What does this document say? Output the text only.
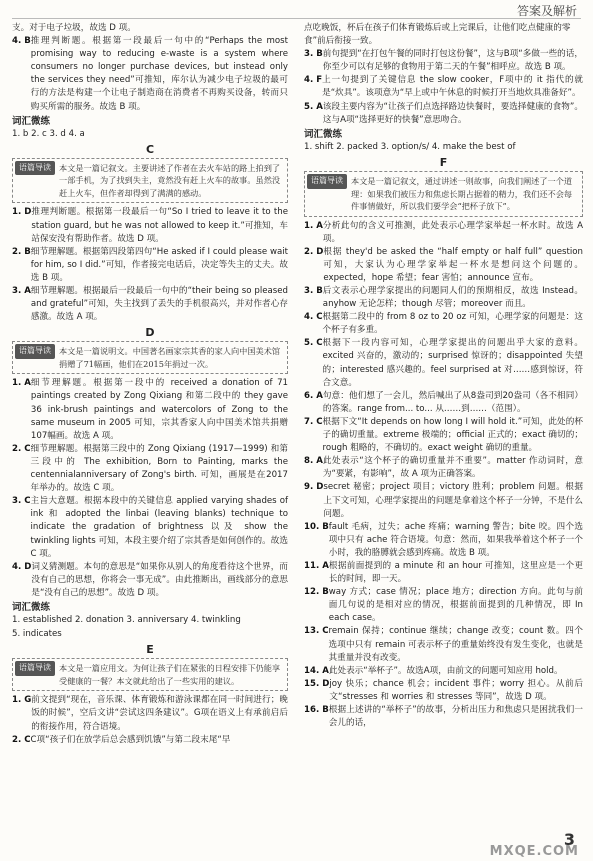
答案及解析
支。对于电子垃圾，故选 D 项。
4. B 推理判断题。根据第一段最后一句中的“Perhaps the most promising way to reducing e-waste is a system where consumers no longer purchase devices, but instead only the services they need”可推知，库尔认为减少电子垃圾的最可行的方法是构建一个让电子制造商在消费者不再购买设备，转而只购买所需的服务。故选 B 项。
词汇微练
1. b 2. c 3. d 4. a
C
语篇导读 本文是一篇记叙文。主要讲述了作者在去火车站的路上拍到了一部手机，为了找到失主，竟然没有赶上火车的故事。虽然没赶上火车，但作者却得到了满满的感动。
1. D 推理判断题。根据第一段最后一句“So I tried to leave it to the station guard, but he was not allowed to keep it.”可推知，车站保安没有帮助作者。故选 D 项。
2. B 细节理解题。根据第四段第四句“He asked if I could please wait for him, so I did.”可知，作者接完电话后，决定等失主的丈夫。故选 B 项。
3. A 细节理解题。根据最后一段最后一句中的“their being so pleased and grateful”可知，失主找到了丢失的手机很高兴，并对作者心存感激。故选 A 项。
D
语篇导读 本文是一篇说明文。中国著名画家宗其香的家人向中国美术馆捐赠了71幅画，他们在2015年捐过一次。
1. A 细节理解题。根据第一段中的 received a donation of 71 paintings created by Zong Qixiang 和第二段中的 they gave 36 ink-brush paintings and watercolors of Zong to the same museum in 2005 可知，宗其香家人向中国美术馆共捐赠107幅画。故选 A 项。
2. C 细节理解题。根据第三段中的 Zong Qixiang (1917—1999) 和第三段中的 The exhibition, Born to Painting, marks the centennialanniversary of Zong's birth. 可知，画展是在2017年举办的。故选 C 项。
3. C 主旨大意题。根据本段中的关键信息 applied varying shades of ink 和 adopted the linbai (leaving blanks) technique to indicate the gradation of brightness 以及 show the twinkling lights 可知，本段主要介绍了宗其香是如何创作的。故选 C 项。
4. D 词义猜测题。本句的意思是“如果你从别人的角度看待这个世界，而没有自己的思想，你将会一事无成”。由此推断出，画线部分的意思是“没有自己的思想”。故选 D 项。
词汇微练
1. established 2. donation 3. anniversary 4. twinkling
5. indicates
E
语篇导读 本文是一篇应用文。为何让孩子们在紧张的日程安排下仍能享受健康的一餐？本文就此给出了一些实用的建议。
1. G 前文提到“现在，音乐课、体育锻炼和游泳课都在同一时间进行；晚饭的时候”，空后文讲“尝试这四条建议”。G项在语义上有承前启后的衔接作用，符合语境。
2. C C项“孩子们在放学后总会感到饥饿”与第二段末尾“早
点吃晚饭，杯后在孩子们体育锻炼后或上完课后，让他们吃点健康的零食”前后衔接一致。
3. B 前句提到“在打包午餐的同时打包这份餐”，这与B项“多做一些的话，你至少可以有足够的食物用于第二天的午餐”相呼应。故选 B 项。
4. F 上一句提到了关键信息 the slow cooker，F项中的 it 指代的就是“炊具”。该项意为“早上或中午休息的时候打开当地炊具准备好”。
5. A 该段主要内容为“让孩子们点选择路边快餐时，要选择健康的食物”。这与A项“选择更好的快餐”意思吻合。
词汇微练
1. shift 2. packed 3. option/s/ 4. make the best of
F
语篇导读 本文是一篇记叙文，通过讲述一则故事，向我们阐述了一个道理：如果我们被压力和焦虑长期占据着的精力，我们还不会每件事情做好，所以我们要学会“把杯子放下”。
1. A 分析此句的含义可推测，此处表示心理学家举起一杯水时。故选 A 项。
2. D 根据 they'd be asked the “half empty or half full” question 可知，大家认为心理学家举起一杯水是想问这个问题的。expected，hope 希望；fear 害怕；announce 宣布。
3. B 后文表示心理学家提出的问题同人们的预期相反，故选 Instead。anyhow 无论怎样；though 尽管；moreover 而且。
4. C 根据第二段中的 from 8 oz to 20 oz 可知，心理学家的问题是：这个杯子有多重。
5. C 根据下一段内容可知，心理学家提出的问题出乎大家的意料。excited 兴奋的，激动的；surprised 惊讶的；disappointed 失望的；interested 感兴趣的。feel surprised at 对……感到惊讶，符合文意。
6. A 句意：他们想了一会儿，然后喊出了从8盎司到20盎司（各不相同）的答案。range from... to... 从……到……（范围）。
7. C 根据下文“It depends on how long I will hold it.”可知，此处的杯子的确切重量。extreme 极端的；official 正式的；exact 确切的；rough 粗略的，不确切的。exact weight 确切的重量。
8. A 此处表示“这个杯子的确切重量并不重要”。matter 作动词时，意为“要紧，有影响”，故 A 项为正确答案。
9. D secret 秘密；project 项目；victory 胜利；problem 问题。根据上下文可知，心理学家提出的问题是拿着这个杯子一分钟，不是什么问题。
10. B fault 毛病，过失；ache 疼痛；warning 警告；bite 咬。四个选项中只有 ache 符合语境。句意：然而，如果我举着这个杯子一个小时，我的胳膊就会感到疼痛。故选 B 项。
11. A 根据前面提到的 a minute 和 an hour 可推知，这里应是一个更长的时间，即一天。
12. B way 方式；case 情况；place 地方；direction 方向。此句与前面几句说的是相对应的情况，根据前面提到的几种情况，即 In each case。
13. C remain 保持；continue 继续；change 改变；count 数。四个选项中只有 remain 可表示杯子的重量始终没有发生变化，也就是其重量并没有改变。
14. A 此处表示“举杯子”。故选A项，由前文的问题可知应用 hold。
15. D joy 快乐；chance 机会；incident 事件；worry 担心。从前后文“stresses 和 worries 和 stresses 等同”，故选 D 项。
16. B 根据上述讲的“举杯子”的故事，分析出压力和焦虑只是困扰我们一会儿的话，
MXQE.COM
3
